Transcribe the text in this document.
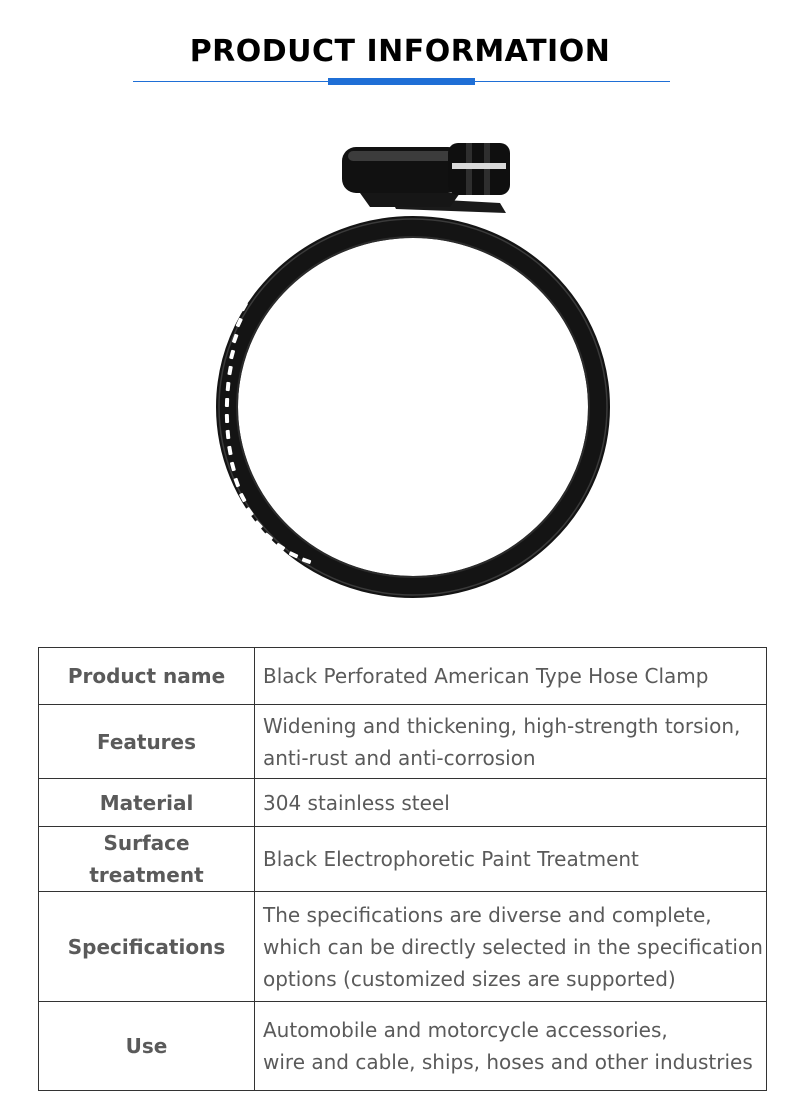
PRODUCT INFORMATION
Product name	Black Perforated American Type Hose Clamp

Features	Widening and thickening, high-strength torsion,
anti-rust and anti-corrosion

Material	304 stainless steel

Surface treatment	Black Electrophoretic Paint Treatment

Specifications	The specifications are diverse and complete,
which can be directly selected in the specification
options (customized sizes are supported)

Use	Automobile and motorcycle accessories,
wire and cable, ships, hoses and other industries
